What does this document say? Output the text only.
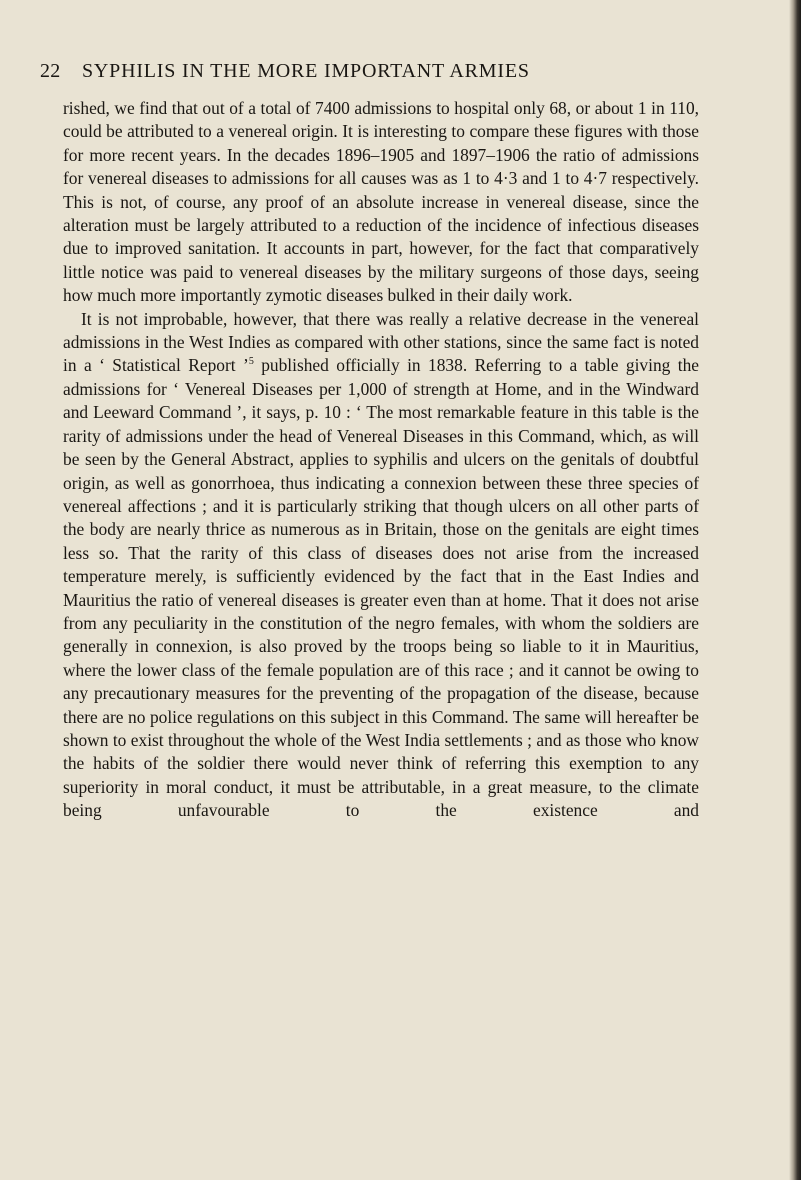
22 SYPHILIS IN THE MORE IMPORTANT ARMIES

rished, we find that out of a total of 7400 admissions to hospital only 68, or about 1 in 110, could be attributed to a venereal origin. It is interesting to compare these figures with those for more recent years. In the decades 1896–1905 and 1897–1906 the ratio of admissions for venereal diseases to admissions for all causes was as 1 to 4·3 and 1 to 4·7 respectively. This is not, of course, any proof of an absolute increase in venereal disease, since the alteration must be largely attributed to a reduction of the incidence of infectious diseases due to improved sanitation. It accounts in part, however, for the fact that comparatively little notice was paid to venereal diseases by the military surgeons of those days, seeing how much more importantly zymotic diseases bulked in their daily work.

It is not improbable, however, that there was really a relative decrease in the venereal admissions in the West Indies as compared with other stations, since the same fact is noted in a ‘ Statistical Report ’$^5$ published officially in 1838. Referring to a table giving the admissions for ‘ Venereal Diseases per 1,000 of strength at Home, and in the Windward and Leeward Command ’, it says, p. 10 : ‘ The most remarkable feature in this table is the rarity of admissions under the head of Venereal Diseases in this Command, which, as will be seen by the General Abstract, applies to syphilis and ulcers on the genitals of doubtful origin, as well as gonorrhoea, thus indicating a connexion between these three species of venereal affections ; and it is particularly striking that though ulcers on all other parts of the body are nearly thrice as numerous as in Britain, those on the genitals are eight times less so. That the rarity of this class of diseases does not arise from the increased temperature merely, is sufficiently evidenced by the fact that in the East Indies and Mauritius the ratio of venereal diseases is greater even than at home. That it does not arise from any peculiarity in the constitution of the negro females, with whom the soldiers are generally in connexion, is also proved by the troops being so liable to it in Mauritius, where the lower class of the female population are of this race ; and it cannot be owing to any precautionary measures for the preventing of the propagation of the disease, because there are no police regulations on this subject in this Command. The same will hereafter be shown to exist throughout the whole of the West India settlements ; and as those who know the habits of the soldier there would never think of referring this exemption to any superiority in moral conduct, it must be attributable, in a great measure, to the climate being unfavourable to the existence and
